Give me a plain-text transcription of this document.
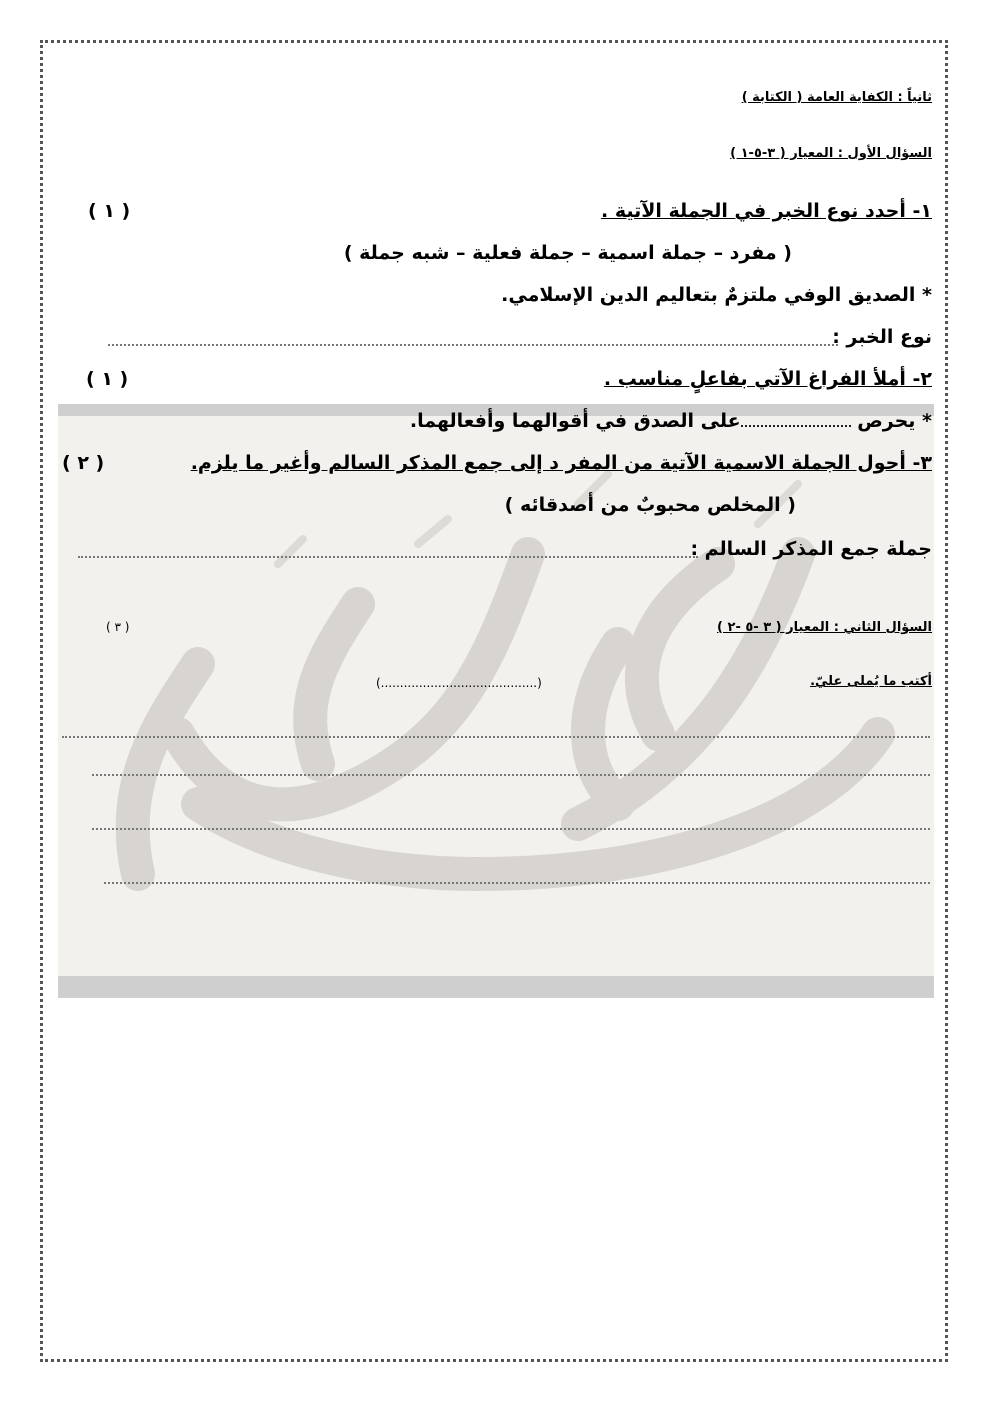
ثانياً : الكفاية العامة ( الكتابة )
السؤال الأول : المعيار ( ٣-٥-١ )
١- أحدد نوع الخبر في الجملة الآتية .
( ١ )
( مفرد – جملة اسمية – جملة فعلية – شبه جملة )
* الصديق الوفي ملتزمٌ بتعاليم الدين الإسلامي.
نوع الخبر :
٢- أملأ الفراغ الآتي بفاعلٍ مناسب .
( ١ )
* يحرص على الصدق في أقوالهما وأفعالهما.
٣- أحول الجملة الاسمية الآتية من المفر د إلى جمع المذكر السالم وأغير ما يلزم.
( ٢ )
( المخلص محبوبٌ من أصدقائه )
جملة جمع المذكر السالم :
السؤال الثاني : المعيار ( ٣ -٥ -٢ )
( ٣ )
أكتب ما يُملى عليّ.
(.........................................)
